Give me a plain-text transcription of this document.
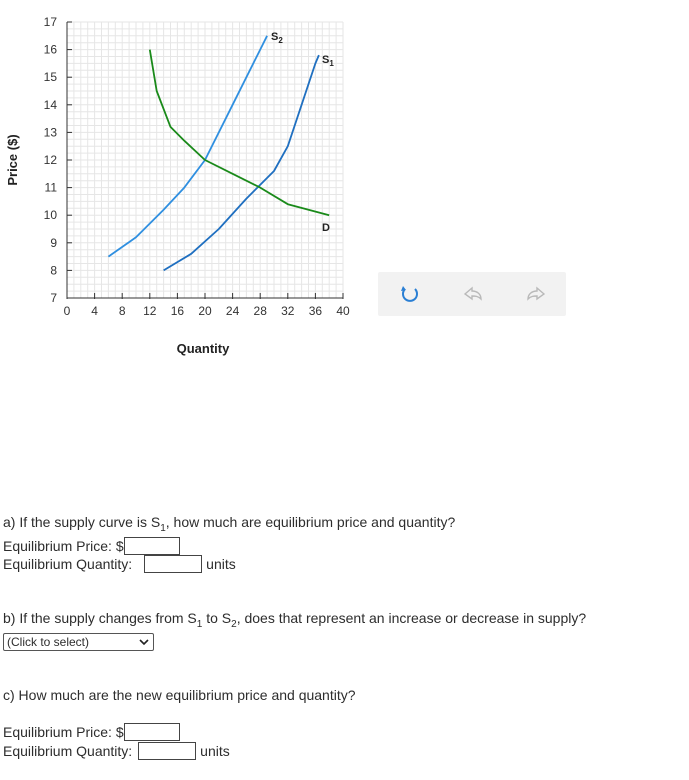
0 4 8 12 16 20 24 28 32 36 40
7
8
9
10
11
12
13
14
15
16
17
Quantity
Price ($)
$S_2$
$S_1$
D
a) If the supply curve is $S_1$, how much are equilibrium price and quantity?
Equilibrium Price: $
Equilibrium Quantity:	units
b) If the supply changes from $S_1$ to $S_2$, does that represent an increase or decrease in supply?
(Click to select)
c) How much are the new equilibrium price and quantity?
Equilibrium Price: $
Equilibrium Quantity:	units
